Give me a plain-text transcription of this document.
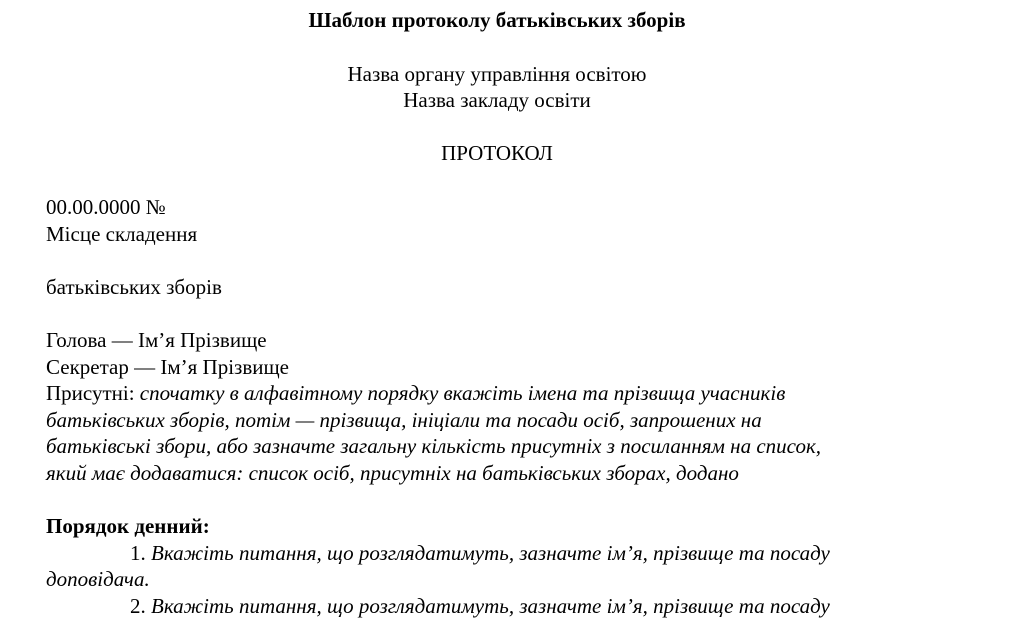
Шаблон протоколу батьківських зборів
Назва органу управління освітою
Назва закладу освіти
ПРОТОКОЛ
00.00.0000 №
Місце складення
батьківських зборів
Голова — Ім’я Прізвище
Секретар — Ім’я Прізвище
Присутні: спочатку в алфавітному порядку вкажіть імена та прізвища учасників
батьківських зборів, потім — прізвища, ініціали та посади осіб, запрошених на
батьківські збори, або зазначте загальну кількість присутніх з посиланням на список,
який має додаватися: список осіб, присутніх на батьківських зборах, додано
Порядок денний:
1. Вкажіть питання, що розглядатимуть, зазначте ім’я, прізвище та посаду
доповідача.
2. Вкажіть питання, що розглядатимуть, зазначте ім’я, прізвище та посаду
